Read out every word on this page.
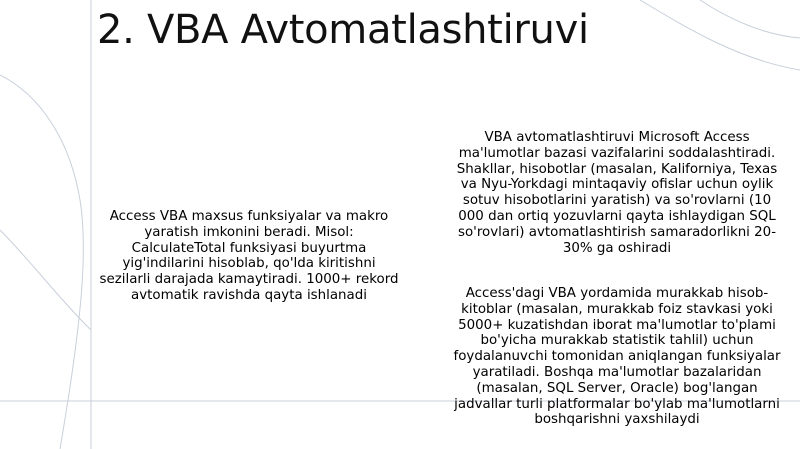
2. VBA Avtomatlashtiruvi

Access VBA maxsus funksiyalar va makro yaratish imkonini beradi. Misol: CalculateTotal funksiyasi buyurtma yig'indilarini hisoblab, qo'lda kiritishni sezilarli darajada kamaytiradi. 1000+ rekord avtomatik ravishda qayta ishlanadi

VBA avtomatlashtiruvi Microsoft Access ma'lumotlar bazasi vazifalarini soddalashtiradi. Shakllar, hisobotlar (masalan, Kaliforniya, Texas va Nyu-Yorkdagi mintaqaviy ofislar uchun oylik sotuv hisobotlarini yaratish) va so'rovlarni (10 000 dan ortiq yozuvlarni qayta ishlaydigan SQL so'rovlari) avtomatlashtirish samaradorlikni 20-30% ga oshiradi

Access'dagi VBA yordamida murakkab hisob-kitoblar (masalan, murakkab foiz stavkasi yoki 5000+ kuzatishdan iborat ma'lumotlar to'plami bo'yicha murakkab statistik tahlil) uchun foydalanuvchi tomonidan aniqlangan funksiyalar yaratiladi. Boshqa ma'lumotlar bazalaridan (masalan, SQL Server, Oracle) bog'langan jadvallar turli platformalar bo'ylab ma'lumotlarni boshqarishni yaxshilaydi
